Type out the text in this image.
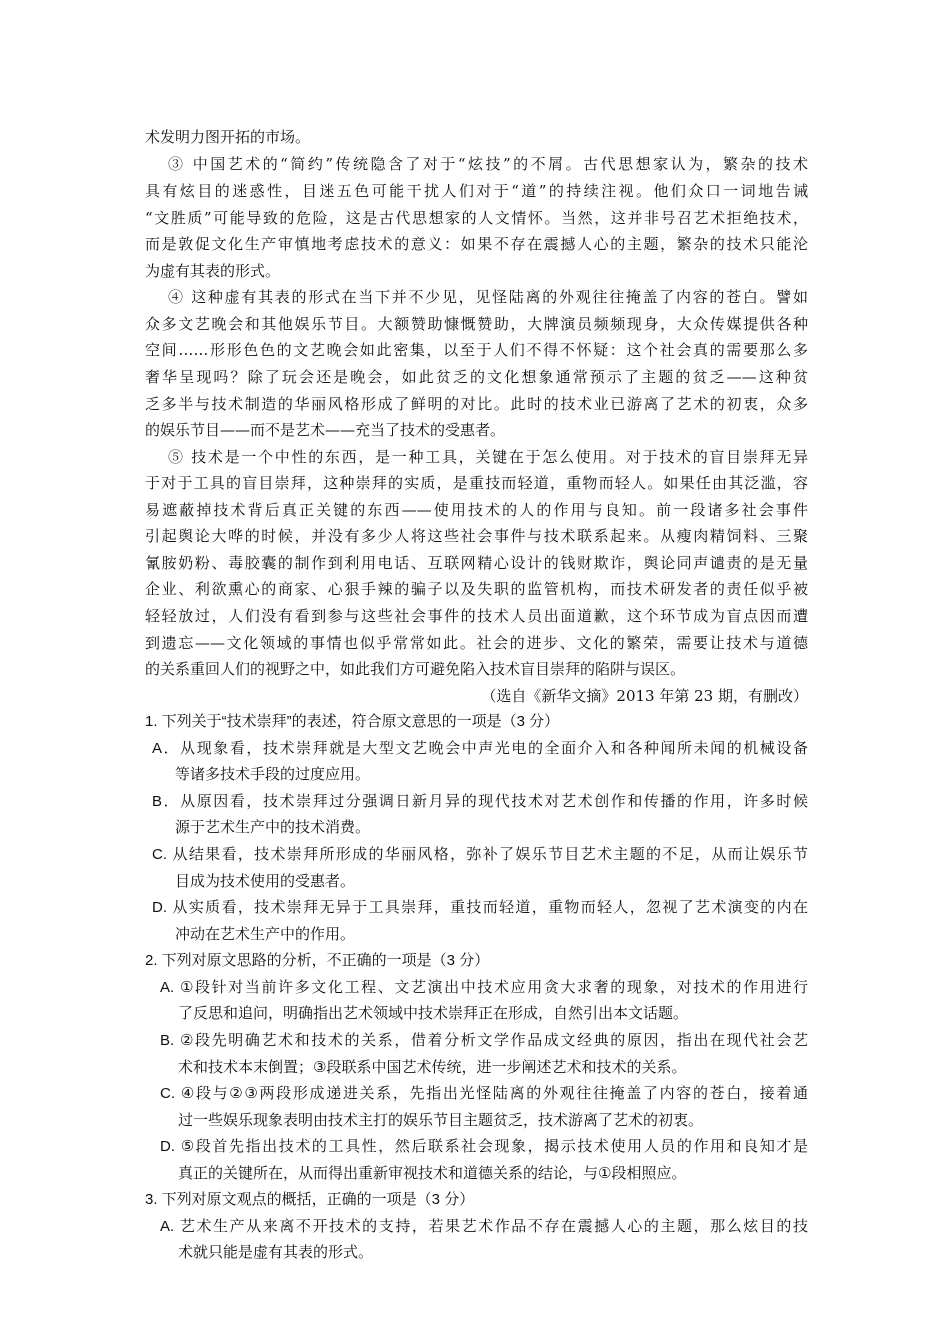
术发明力图开拓的市场。
③ 中国艺术的“简约”传统隐含了对于“炫技”的不屑。古代思想家认为，繁杂的技术
具有炫目的迷惑性，目迷五色可能干扰人们对于“道”的持续注视。他们众口一词地告诫
“文胜质”可能导致的危险，这是古代思想家的人文情怀。当然，这并非号召艺术拒绝技术，
而是敦促文化生产审慎地考虑技术的意义：如果不存在震撼人心的主题，繁杂的技术只能沦
为虚有其表的形式。
④ 这种虚有其表的形式在当下并不少见，见怪陆离的外观往往掩盖了内容的苍白。譬如
众多文艺晚会和其他娱乐节目。大额赞助慷慨赞助，大牌演员频频现身，大众传媒提供各种
空间……形形色色的文艺晚会如此密集，以至于人们不得不怀疑：这个社会真的需要那么多
奢华呈现吗？除了玩会还是晚会，如此贫乏的文化想象通常预示了主题的贫乏——这种贫
乏多半与技术制造的华丽风格形成了鲜明的对比。此时的技术业已游离了艺术的初衷，众多
的娱乐节目——而不是艺术——充当了技术的受惠者。
⑤ 技术是一个中性的东西，是一种工具，关键在于怎么使用。对于技术的盲目崇拜无异
于对于工具的盲目崇拜，这种崇拜的实质，是重技而轻道，重物而轻人。如果任由其泛滥，容
易遮蔽掉技术背后真正关键的东西——使用技术的人的作用与良知。前一段诸多社会事件
引起舆论大哗的时候，并没有多少人将这些社会事件与技术联系起来。从瘦肉精饲料、三聚
氰胺奶粉、毒胶囊的制作到利用电话、互联网精心设计的钱财欺诈，舆论同声谴责的是无量
企业、利欲熏心的商家、心狠手辣的骗子以及失职的监管机构，而技术研发者的责任似乎被
轻轻放过，人们没有看到参与这些社会事件的技术人员出面道歉，这个环节成为盲点因而遭
到遗忘——文化领域的事情也似乎常常如此。社会的进步、文化的繁荣，需要让技术与道德
的关系重回人们的视野之中，如此我们方可避免陷入技术盲目崇拜的陷阱与误区。
（选自《新华文摘》2013 年第 23 期，有删改）
1. 下列关于“技术崇拜”的表述，符合原文意思的一项是（3 分）
A．从现象看，技术崇拜就是大型文艺晚会中声光电的全面介入和各种闻所未闻的机械设备
等诸多技术手段的过度应用。
B．从原因看，技术崇拜过分强调日新月异的现代技术对艺术创作和传播的作用，许多时候
源于艺术生产中的技术消费。
C. 从结果看，技术崇拜所形成的华丽风格，弥补了娱乐节目艺术主题的不足，从而让娱乐节
目成为技术使用的受惠者。
D. 从实质看，技术崇拜无异于工具崇拜，重技而轻道，重物而轻人，忽视了艺术演变的内在
冲动在艺术生产中的作用。
2. 下列对原文思路的分析，不正确的一项是（3 分）
A. ①段针对当前许多文化工程、文艺演出中技术应用贪大求奢的现象，对技术的作用进行
了反思和追问，明确指出艺术领域中技术崇拜正在形成，自然引出本文话题。
B. ②段先明确艺术和技术的关系，借着分析文学作品成文经典的原因，指出在现代社会艺
术和技术本末倒置；③段联系中国艺术传统，进一步阐述艺术和技术的关系。
C. ④段与②③两段形成递进关系，先指出光怪陆离的外观往往掩盖了内容的苍白，接着通
过一些娱乐现象表明由技术主打的娱乐节目主题贫乏，技术游离了艺术的初衷。
D. ⑤段首先指出技术的工具性，然后联系社会现象，揭示技术使用人员的作用和良知才是
真正的关键所在，从而得出重新审视技术和道德关系的结论，与①段相照应。
3. 下列对原文观点的概括，正确的一项是（3 分）
A. 艺术生产从来离不开技术的支持，若果艺术作品不存在震撼人心的主题，那么炫目的技
术就只能是虚有其表的形式。
